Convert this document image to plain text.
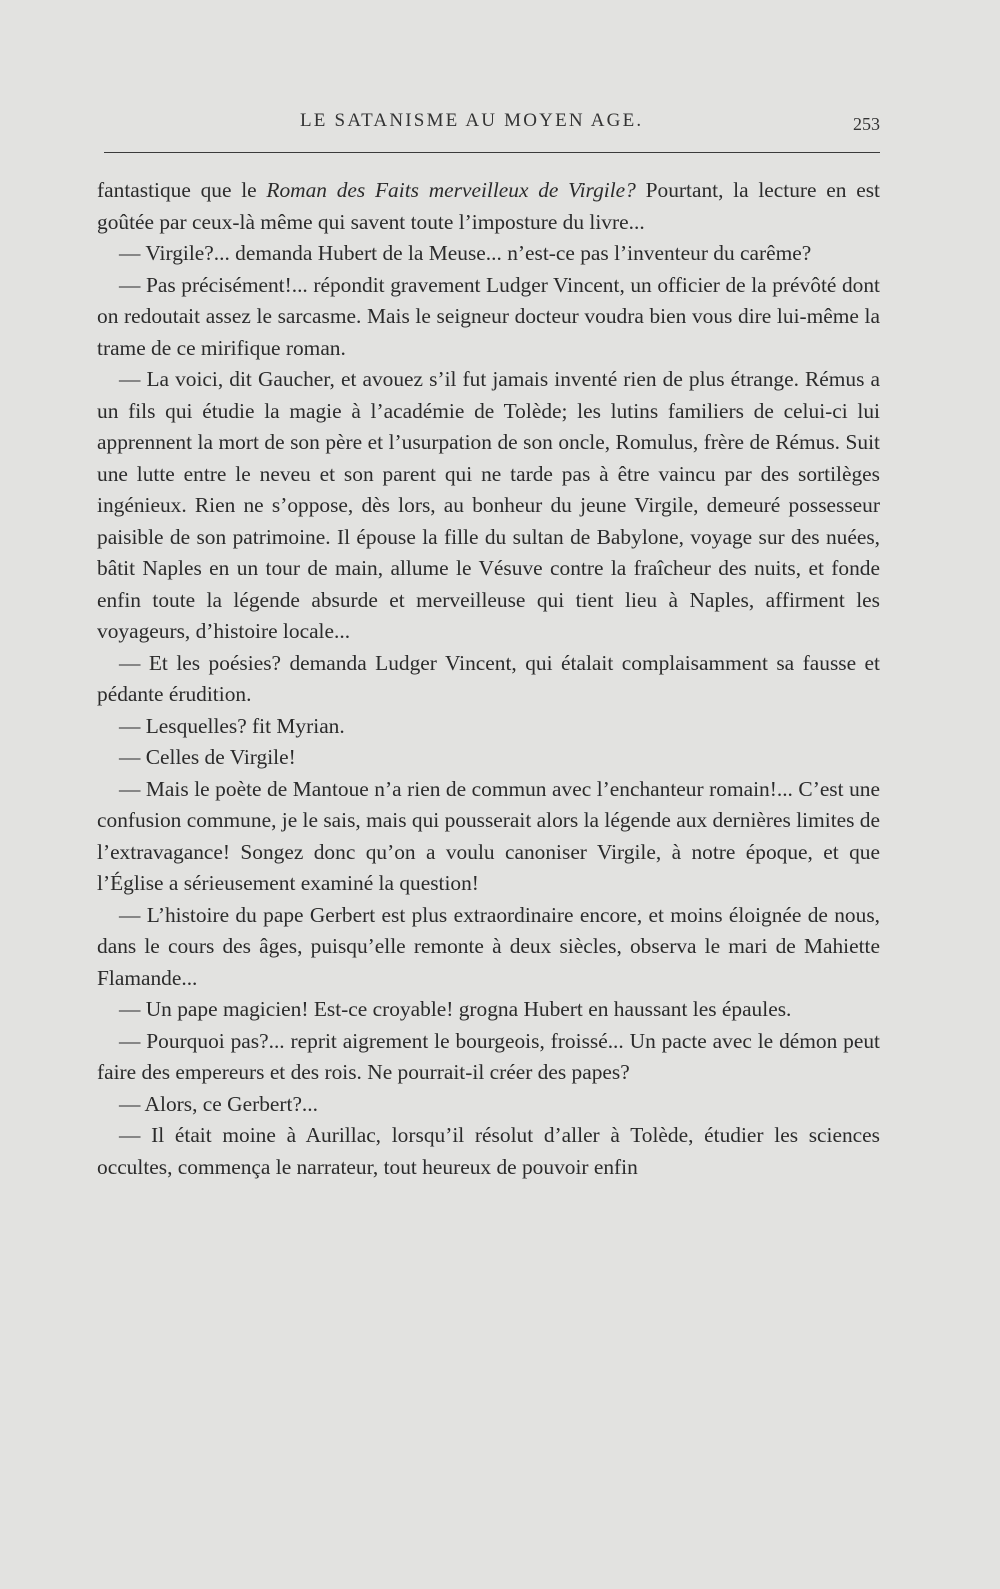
LE SATANISME AU MOYEN AGE.	253

fantastique que le Roman des Faits merveilleux de Virgile? Pourtant, la lecture en est goûtée par ceux-là même qui savent toute l’imposture du livre...

— Virgile?... demanda Hubert de la Meuse... n’est-ce pas l’inventeur du carême?

— Pas précisément!... répondit gravement Ludger Vincent, un officier de la prévôté dont on redoutait assez le sarcasme. Mais le seigneur docteur voudra bien vous dire lui-même la trame de ce mirifique roman.

— La voici, dit Gaucher, et avouez s’il fut jamais inventé rien de plus étrange. Rémus a un fils qui étudie la magie à l’académie de Tolède; les lutins familiers de celui-ci lui apprennent la mort de son père et l’usurpation de son oncle, Romulus, frère de Rémus. Suit une lutte entre le neveu et son parent qui ne tarde pas à être vaincu par des sortilèges ingénieux. Rien ne s’oppose, dès lors, au bonheur du jeune Virgile, demeuré possesseur paisible de son patrimoine. Il épouse la fille du sultan de Babylone, voyage sur des nuées, bâtit Naples en un tour de main, allume le Vésuve contre la fraîcheur des nuits, et fonde enfin toute la légende absurde et merveilleuse qui tient lieu à Naples, affirment les voyageurs, d’histoire locale...

— Et les poésies? demanda Ludger Vincent, qui étalait complaisamment sa fausse et pédante érudition.

— Lesquelles? fit Myrian.

— Celles de Virgile!

— Mais le poète de Mantoue n’a rien de commun avec l’enchanteur romain!... C’est une confusion commune, je le sais, mais qui pousserait alors la légende aux dernières limites de l’extravagance! Songez donc qu’on a voulu canoniser Virgile, à notre époque, et que l’Église a sérieusement examiné la question!

— L’histoire du pape Gerbert est plus extraordinaire encore, et moins éloignée de nous, dans le cours des âges, puisqu’elle remonte à deux siècles, observa le mari de Mahiette Flamande...

— Un pape magicien! Est-ce croyable! grogna Hubert en haussant les épaules.

— Pourquoi pas?... reprit aigrement le bourgeois, froissé... Un pacte avec le démon peut faire des empereurs et des rois. Ne pourrait-il créer des papes?

— Alors, ce Gerbert?...

— Il était moine à Aurillac, lorsqu’il résolut d’aller à Tolède, étudier les sciences occultes, commença le narrateur, tout heureux de pouvoir enfin
